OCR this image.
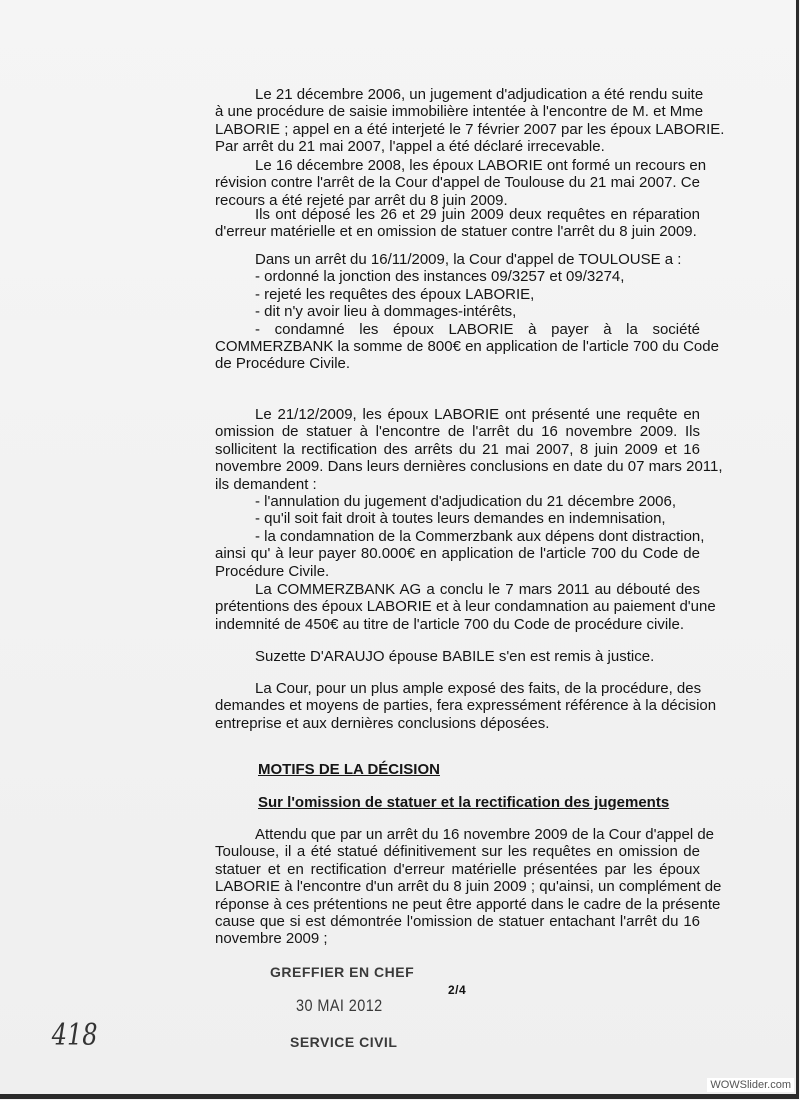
Le 21 décembre 2006, un jugement d'adjudication a été rendu suite
à une procédure de saisie immobilière intentée à l'encontre de M. et Mme
LABORIE ; appel en a été interjeté le 7 février 2007 par les époux LABORIE.
Par arrêt du 21 mai 2007, l'appel a été déclaré irrecevable.
Le 16 décembre 2008, les époux LABORIE ont formé un recours en
révision contre l'arrêt de la Cour d'appel de Toulouse du 21 mai 2007. Ce
recours a été rejeté par arrêt du 8 juin 2009.
Ils ont déposé les 26 et 29 juin 2009 deux requêtes en réparation
d'erreur matérielle et en omission de statuer contre l'arrêt du 8 juin 2009.
Dans un arrêt du 16/11/2009, la Cour d'appel de TOULOUSE a :
- ordonné la jonction des instances 09/3257 et 09/3274,
- rejeté les requêtes des époux LABORIE,
- dit n'y avoir lieu à dommages-intérêts,
- condamné les époux LABORIE à payer à la société
COMMERZBANK la somme de 800€ en application de l'article 700 du Code
de Procédure Civile.
Le 21/12/2009, les époux LABORIE ont présenté une requête en
omission de statuer à l'encontre de l'arrêt du 16 novembre 2009. Ils
sollicitent la rectification des arrêts du 21 mai 2007, 8 juin 2009 et 16
novembre 2009. Dans leurs dernières conclusions en date du 07 mars 2011,
ils demandent :
- l'annulation du jugement d'adjudication du 21 décembre 2006,
- qu'il soit fait droit à toutes leurs demandes en indemnisation,
- la condamnation de la Commerzbank aux dépens dont distraction,
ainsi qu' à leur payer 80.000€ en application de l'article 700 du Code de
Procédure Civile.
La COMMERZBANK AG a conclu le 7 mars 2011 au débouté des
prétentions des époux LABORIE et à leur condamnation au paiement d'une
indemnité de 450€ au titre de l'article 700 du Code de procédure civile.
Suzette D'ARAUJO épouse BABILE s'en est remis à justice.
La Cour, pour un plus ample exposé des faits, de la procédure, des
demandes et moyens de parties, fera expressément référence à la décision
entreprise et aux dernières conclusions déposées.
Attendu que par un arrêt du 16 novembre 2009 de la Cour d'appel de
Toulouse, il a été statué définitivement sur les requêtes en omission de
statuer et en rectification d'erreur matérielle présentées par les époux
LABORIE à l'encontre d'un arrêt du 8 juin 2009 ; qu'ainsi, un complément de
réponse à ces prétentions ne peut être apporté dans le cadre de la présente
cause que si est démontrée l'omission de statuer entachant l'arrêt du 16
novembre 2009 ;
MOTIFS DE LA DÉCISION
Sur l'omission de statuer et la rectification des jugements
GREFFIER EN CHEF
2/4
30 MAI 2012
SERVICE CIVIL
418
WOWSlider.com
